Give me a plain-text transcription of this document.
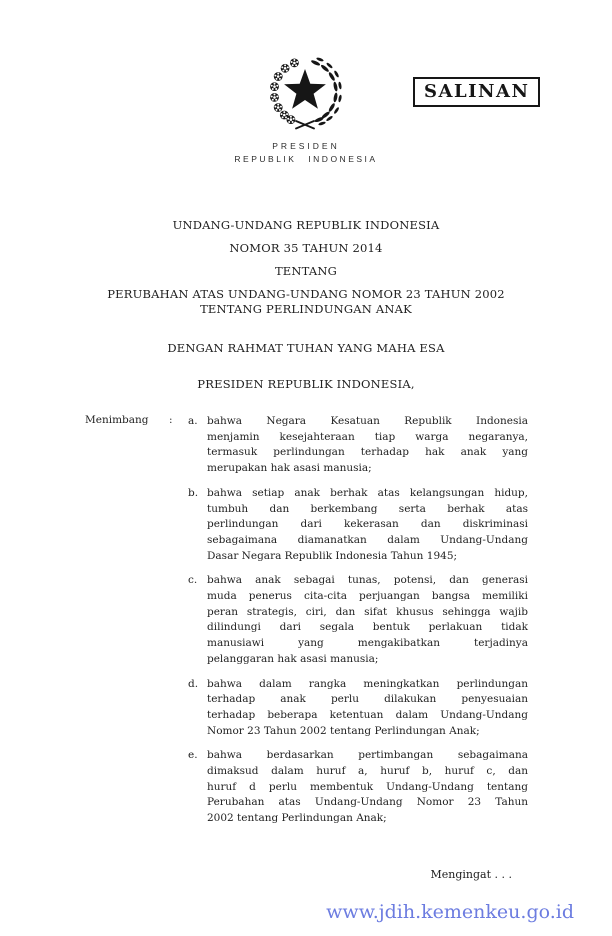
SALINAN
PRESIDEN
REPUBLIK INDONESIA
UNDANG-UNDANG REPUBLIK INDONESIA
NOMOR 35 TAHUN 2014
TENTANG
PERUBAHAN ATAS UNDANG-UNDANG NOMOR 23 TAHUN 2002
TENTANG PERLINDUNGAN ANAK
DENGAN RAHMAT TUHAN YANG MAHA ESA
PRESIDEN REPUBLIK INDONESIA,
Menimbang	:	a. bahwa Negara Kesatuan Republik Indonesia
menjamin kesejahteraan tiap warga negaranya,
termasuk perlindungan terhadap hak anak yang
merupakan hak asasi manusia;
b. bahwa setiap anak berhak atas kelangsungan hidup,
tumbuh dan berkembang serta berhak atas
perlindungan dari kekerasan dan diskriminasi
sebagaimana diamanatkan dalam Undang-Undang
Dasar Negara Republik Indonesia Tahun 1945;
c. bahwa anak sebagai tunas, potensi, dan generasi
muda penerus cita-cita perjuangan bangsa memiliki
peran strategis, ciri, dan sifat khusus sehingga wajib
dilindungi dari segala bentuk perlakuan tidak
manusiawi yang mengakibatkan terjadinya
pelanggaran hak asasi manusia;
d. bahwa dalam rangka meningkatkan perlindungan
terhadap anak perlu dilakukan penyesuaian
terhadap beberapa ketentuan dalam Undang-Undang
Nomor 23 Tahun 2002 tentang Perlindungan Anak;
e. bahwa berdasarkan pertimbangan sebagaimana
dimaksud dalam huruf a, huruf b, huruf c, dan
huruf d perlu membentuk Undang-Undang tentang
Perubahan atas Undang-Undang Nomor 23 Tahun
2002 tentang Perlindungan Anak;
Mengingat . . .
www.jdih.kemenkeu.go.id
